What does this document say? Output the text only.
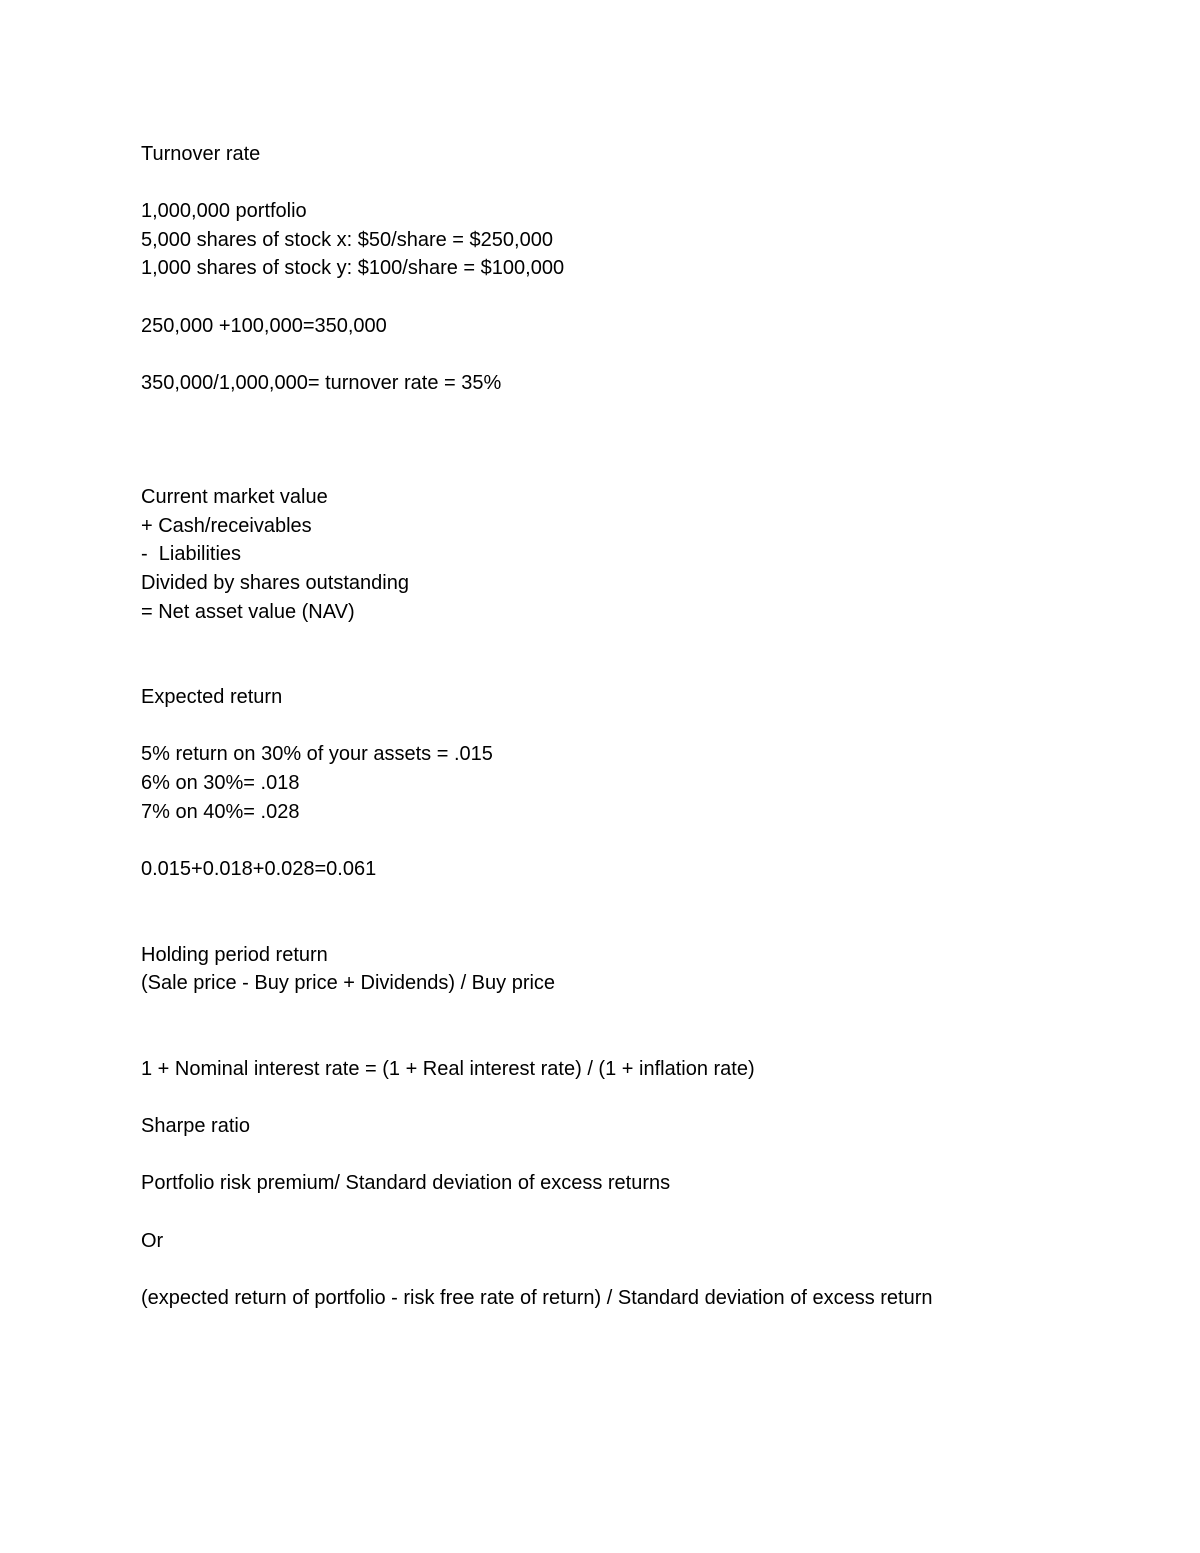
Turnover rate
1,000,000 portfolio
5,000 shares of stock x: $50/share = $250,000
1,000 shares of stock y: $100/share = $100,000
250,000 +100,000=350,000
350,000/1,000,000= turnover rate = 35%
Current market value
+ Cash/receivables
-  Liabilities
Divided by shares outstanding
= Net asset value (NAV)
Expected return
5% return on 30% of your assets = .015
6% on 30%= .018
7% on 40%= .028
0.015+0.018+0.028=0.061
Holding period return
(Sale price - Buy price + Dividends) / Buy price
1 + Nominal interest rate = (1 + Real interest rate) / (1 + inflation rate)
Sharpe ratio
Portfolio risk premium/ Standard deviation of excess returns
Or
(expected return of portfolio - risk free rate of return) / Standard deviation of excess return
